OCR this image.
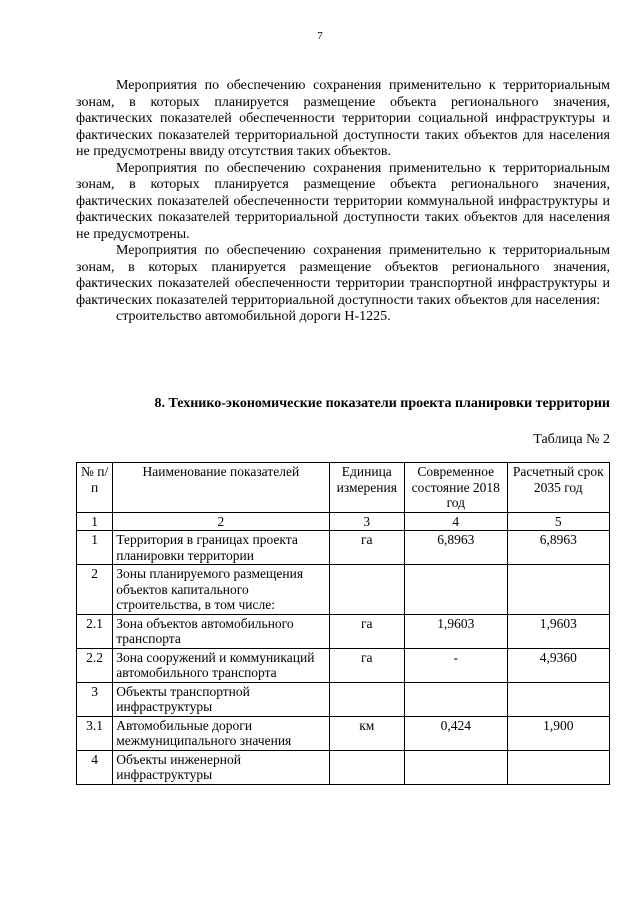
7

Мероприятия по обеспечению сохранения применительно к территориальным зонам, в которых планируется размещение объекта регионального значения, фактических показателей обеспеченности территории социальной инфраструктуры и фактических показателей территориальной доступности таких объектов для населения не предусмотрены ввиду отсутствия таких объектов.

Мероприятия по обеспечению сохранения применительно к территориальным зонам, в которых планируется размещение объекта регионального значения, фактических показателей обеспеченности территории коммунальной инфраструктуры и фактических показателей территориальной доступности таких объектов для населения не предусмотрены.

Мероприятия по обеспечению сохранения применительно к территориальным зонам, в которых планируется размещение объектов регионального значения, фактических показателей обеспеченности территории транспортной инфраструктуры и фактических показателей территориальной доступности таких объектов для населения:

строительство автомобильной дороги Н-1225.

8. Технико-экономические показатели проекта планировки территории
Таблица № 2
№ п/п	Наименование показателей	Единица измерения	Современное состояние 2018 год	Расчетный срок 2035 год
1	2	3	4	5
1	Территория в границах проекта планировки территории	га	6,8963	6,8963
2	Зоны планируемого размещения объектов капитального строительства, в том числе:			
2.1	Зона объектов автомобильного транспорта	га	1,9603	1,9603
2.2	Зона сооружений и коммуникаций автомобильного транспорта	га	-	4,9360
3	Объекты транспортной инфраструктуры			
3.1	Автомобильные дороги межмуниципального значения	км	0,424	1,900
4	Объекты инженерной инфраструктуры			
